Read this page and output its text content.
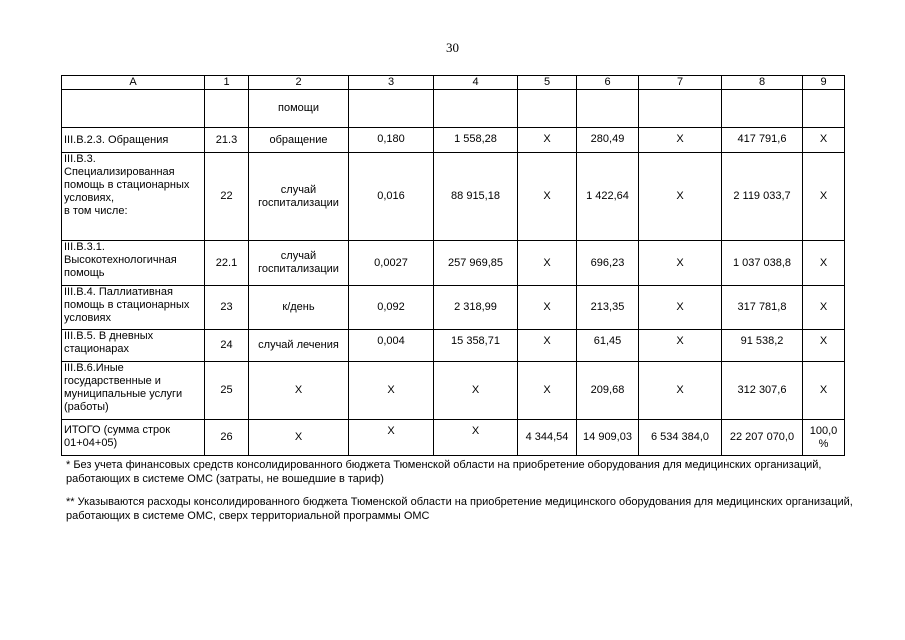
30
А	1	2	3	4	5	6	7	8	9
		помощи							
III.В.2.3. Обращения	21.3	обращение	0,180	1 558,28	Х	280,49	Х	417 791,6	Х

III.В.3. Специализированная помощь в стационарных условиях,
в том числе:	22	случай госпитализации	0,016	88 915,18	Х	1 422,64	Х	2 119 033,7	Х
III.В.3.1. Высокотехнологичная помощь	22.1	случай госпитализации	0,0027	257 969,85	Х	696,23	Х	1 037 038,8	Х
III.В.4. Паллиативная помощь в стационарных условиях	23	к/день	0,092	2 318,99	Х	213,35	Х	317 781,8	Х
III.В.5. В дневных стационарах	24	случай лечения	0,004	15 358,71	Х	61,45	Х	91 538,2	Х
III.В.6.Иные государственные и муниципальные услуги (работы)	25	Х	Х	Х	Х	209,68	Х	312 307,6	Х
ИТОГО (сумма строк 01+04+05)	26	Х	Х	Х	4 344,54	14 909,03	6 534 384,0	22 207 070,0	100,0 %
* Без учета финансовых средств консолидированного бюджета Тюменской области на приобретение оборудования для медицинских организаций, работающих в системе ОМС (затраты, не вошедшие в тариф)
** Указываются расходы консолидированного бюджета Тюменской области на приобретение медицинского оборудования для медицинских организаций, работающих в системе ОМС, сверх территориальной программы ОМС
